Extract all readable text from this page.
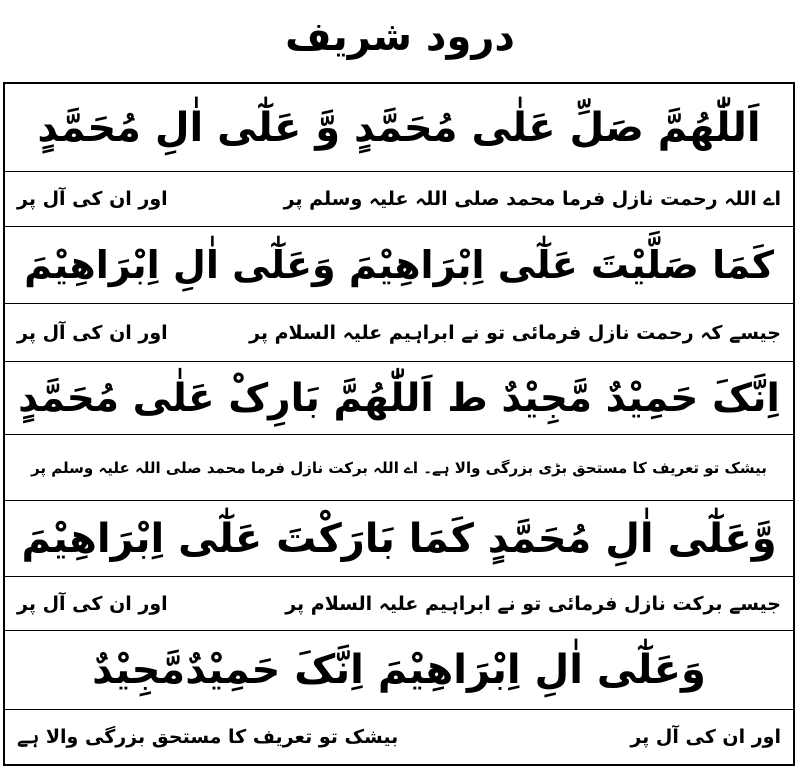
درود شریف
اَللّٰھُمَّ صَلِّ عَلٰی مُحَمَّدٍ وَّ عَلٰٓی اٰلِ مُحَمَّدٍ
اے اللہ رحمت نازل فرما محمد صلی اللہ علیہ وسلم پر
اور ان کی آل پر
کَمَا صَلَّیْتَ عَلٰٓی اِبْرَاھِیْمَ وَعَلٰٓی اٰلِ اِبْرَاھِیْمَ
جیسے کہ رحمت نازل فرمائی تو نے ابراہیم علیہ السلام پر
اور ان کی آل پر
اِنَّکَ حَمِیْدٌ مَّجِیْدٌ ط اَللّٰھُمَّ بَارِکْ عَلٰی مُحَمَّدٍ
بیشک تو تعریف کا مستحق بڑی بزرگی والا ہے۔ اے اللہ برکت نازل فرما محمد صلی اللہ علیہ وسلم پر
وَّعَلٰٓی اٰلِ مُحَمَّدٍ کَمَا بَارَکْتَ عَلٰٓی اِبْرَاھِیْمَ
جیسے برکت نازل فرمائی تو نے ابراہیم علیہ السلام پر
اور ان کی آل پر
وَعَلٰٓی اٰلِ اِبْرَاھِیْمَ اِنَّکَ حَمِیْدٌمَّجِیْدٌ
اور ان کی آل پر
بیشک تو تعریف کا مستحق بزرگی والا ہے
